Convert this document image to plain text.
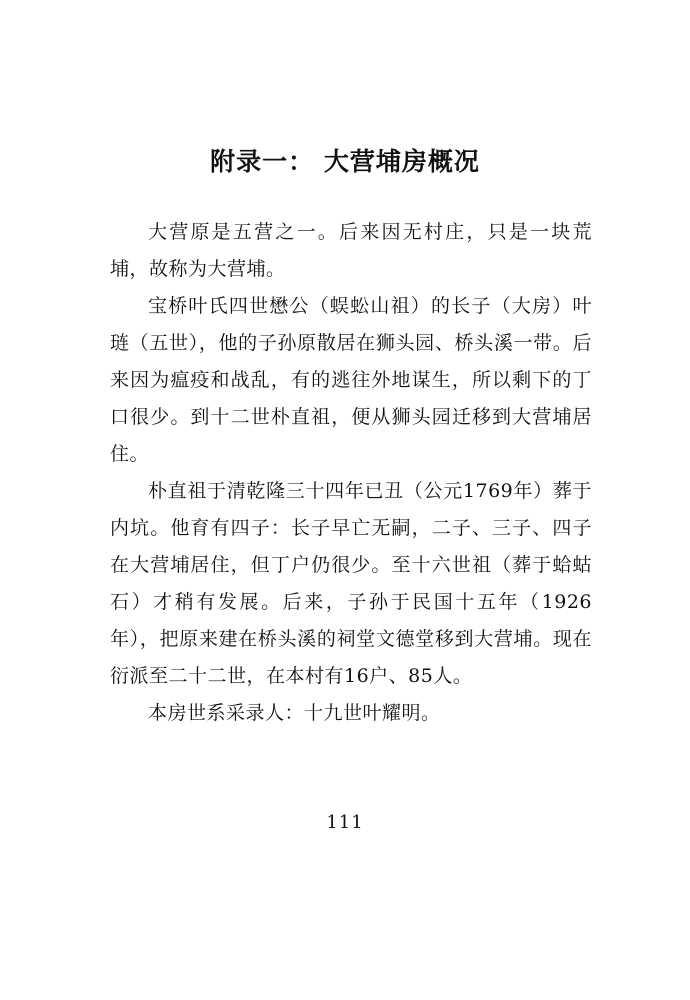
附录一： 大营埔房概况

大营原是五营之一。后来因无村庄，只是一块荒埔，故称为大营埔。

宝桥叶氏四世懋公（蜈蚣山祖）的长子（大房）叶琏（五世），他的子孙原散居在狮头园、桥头溪一带。后来因为瘟疫和战乱，有的逃往外地谋生，所以剩下的丁口很少。到十二世朴直祖，便从狮头园迁移到大营埔居住。

朴直祖于清乾隆三十四年已丑（公元1769年）葬于内坑。他育有四子：长子早亡无嗣，二子、三子、四子在大营埔居住，但丁户仍很少。至十六世祖（葬于蛤蛄石）才稍有发展。后来，子孙于民国十五年（1926年），把原来建在桥头溪的祠堂文德堂移到大营埔。现在衍派至二十二世，在本村有16户、85人。

本房世系采录人：十九世叶耀明。

111
